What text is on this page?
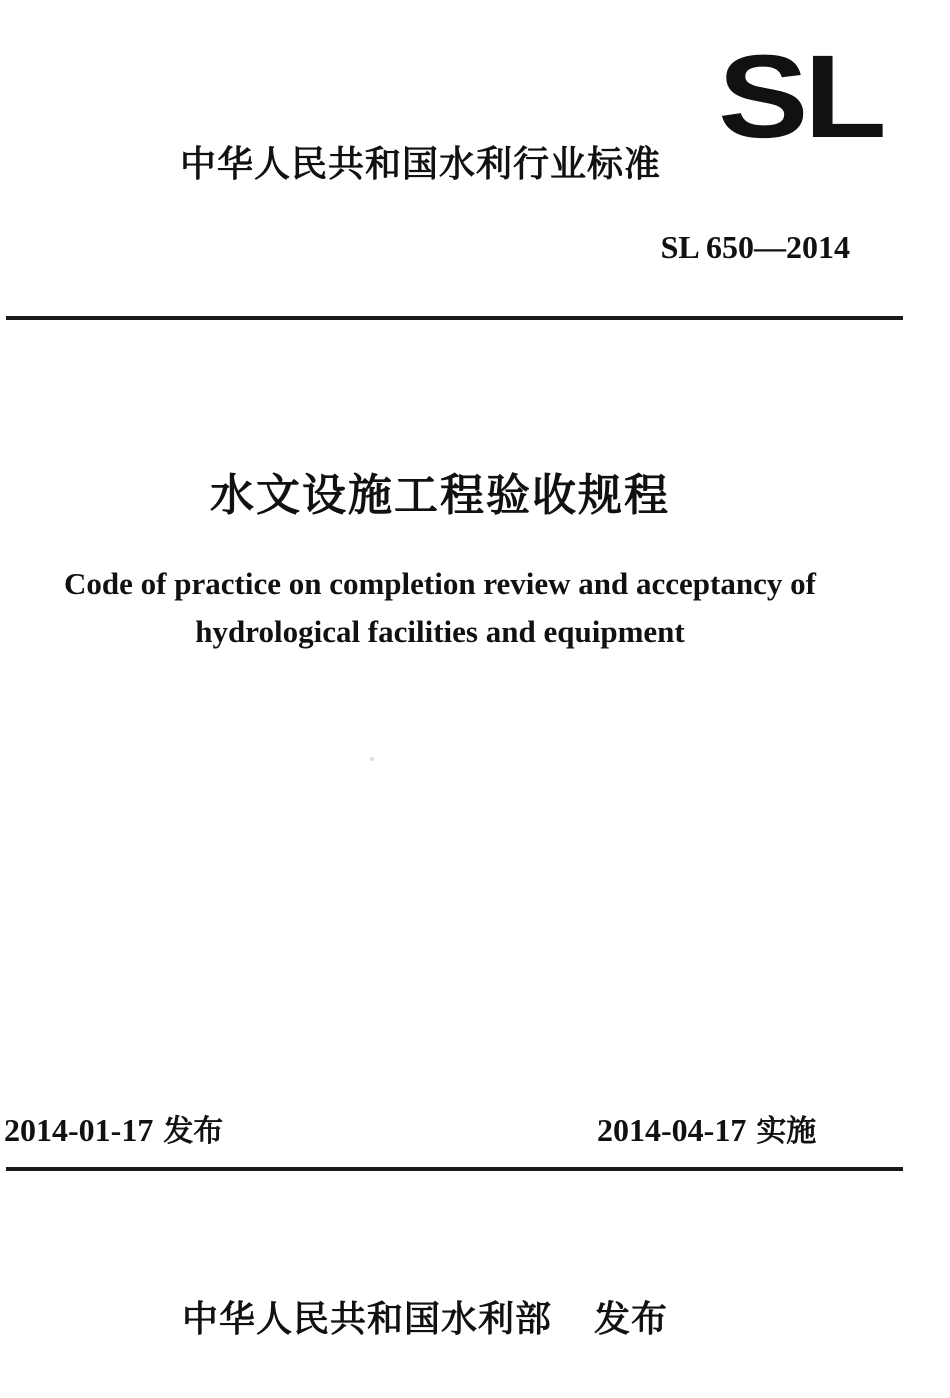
SL
中华人民共和国水利行业标准
SL 650—2014
水文设施工程验收规程
Code of practice on completion review and acceptancy of
hydrological facilities and equipment
2014-01-17 发布	2014-04-17 实施
中华人民共和国水利部 发布
